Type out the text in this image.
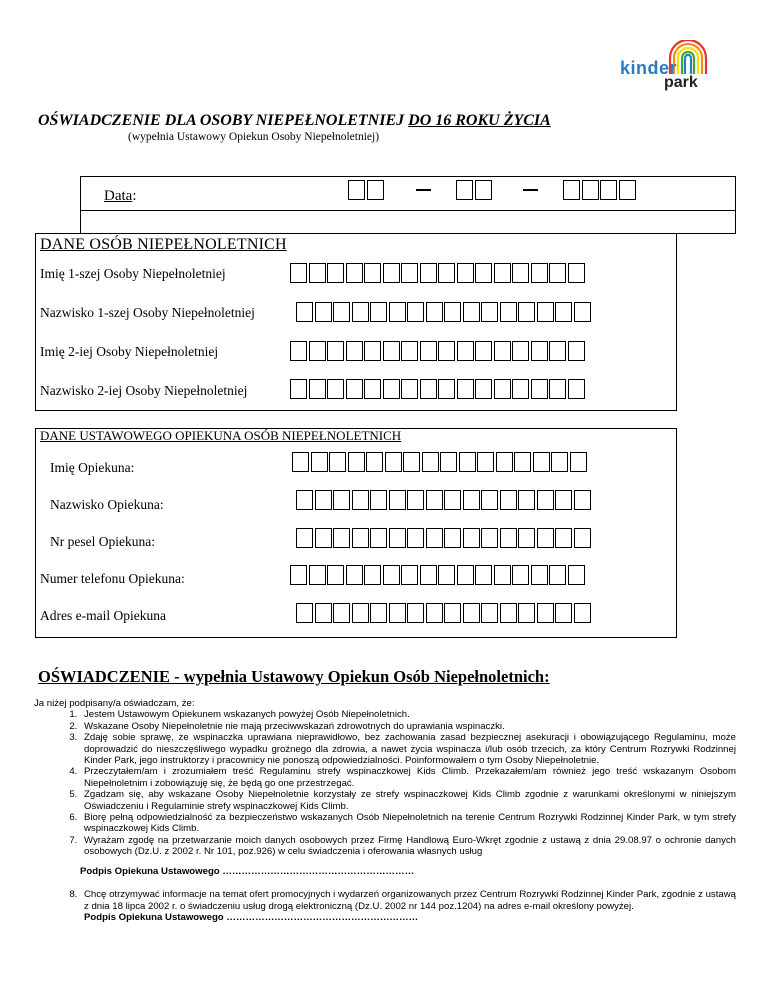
kinder
park
OŚWIADCZENIE DLA OSOBY NIEPEŁNOLETNIEJ DO 16 ROKU ŻYCIA
(wypełnia Ustawowy Opiekun Osoby Niepełnoletniej)
Data:
DANE OSÓB NIEPEŁNOLETNICH
Imię 1-szej Osoby Niepełnoletniej
Nazwisko 1-szej Osoby Niepełnoletniej
Imię 2-iej Osoby Niepełnoletniej
Nazwisko 2-iej Osoby Niepełnoletniej
DANE USTAWOWEGO OPIEKUNA OSÓB NIEPEŁNOLETNICH
Imię Opiekuna:
Nazwisko Opiekuna:
Nr pesel Opiekuna:
Numer telefonu Opiekuna:
Adres e-mail Opiekuna
OŚWIADCZENIE - wypełnia Ustawowy Opiekun Osób Niepełnoletnich:
Ja niżej podpisany/a oświadczam, że:
1. Jestem Ustawowym Opiekunem wskazanych powyżej Osób Niepełnoletnich.
2. Wskazane Osoby Niepełnoletnie nie mają przeciwwskazań zdrowotnych do uprawiania wspinaczki.
3. Zdaję sobie sprawę, że wspinaczka uprawiana nieprawidłowo, bez zachowania zasad bezpiecznej asekuracji i obowiązującego Regulaminu, może doprowadzić do nieszczęśliwego wypadku groźnego dla zdrowia, a nawet życia wspinacza i/lub osób trzecich, za który Centrum Rozrywki Rodzinnej Kinder Park, jego instruktorzy i pracownicy nie ponoszą odpowiedzialności. Poinformowałem o tym Osoby Niepełnoletnie.
4. Przeczytałem/am i zrozumiałem treść Regulaminu strefy wspinaczkowej Kids Climb. Przekazałem/am również jego treść wskazanym Osobom Niepełnoletnim i zobowiązuję się, że będą go one przestrzegać.
5. Zgadzam się, aby wskazane Osoby Niepełnoletnie korzystały ze strefy wspinaczkowej Kids Climb zgodnie z warunkami określonymi w niniejszym Oświadczeniu i Regulaminie strefy wspinaczkowej Kids Climb.
6. Biorę pełną odpowiedzialność za bezpieczeństwo wskazanych Osób Niepełnoletnich na terenie Centrum Rozrywki Rodzinnej Kinder Park, w tym strefy wspinaczkowej Kids Climb.
7. Wyrażam zgodę na przetwarzanie moich danych osobowych przez Firmę Handlową Euro-Wkręt zgodnie z ustawą z dnia 29.08.97 o ochronie danych osobowych (Dz.U. z 2002 r. Nr 101, poz.926) w celu świadczenia i oferowania własnych usług
Podpis Opiekuna Ustawowego ……………………………………………………
8. Chcę otrzymywać informacje na temat ofert promocyjnych i wydarzeń organizowanych przez Centrum Rozrywki Rodzinnej Kinder Park, zgodnie z ustawą z dnia 18 lipca 2002 r. o świadczeniu usług drogą elektroniczną (Dz.U. 2002 nr 144 poz.1204) na adres e-mail określony powyżej.
Podpis Opiekuna Ustawowego ……………………………………………………
